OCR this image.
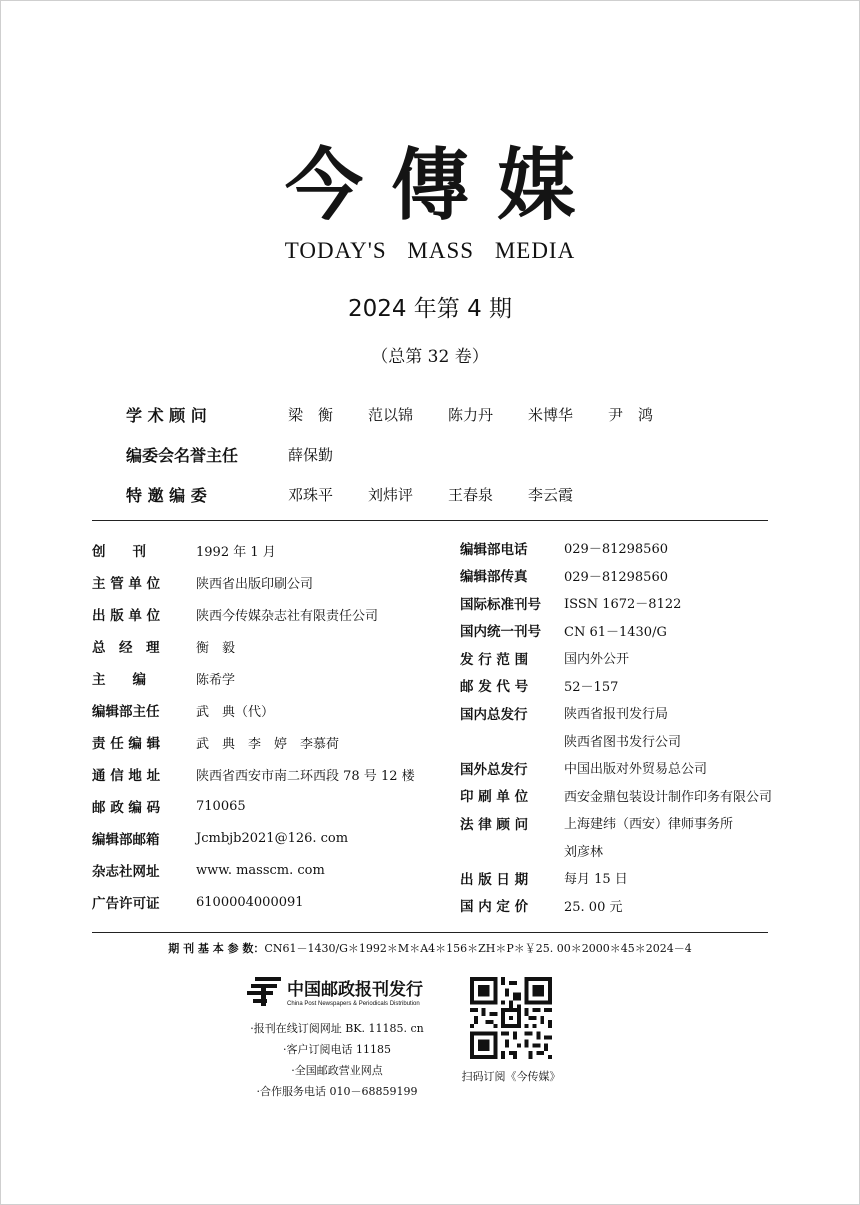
今傳媒
TODAY'S MASS MEDIA
2024 年第 4 期
（总第 32 卷）
学 术 顾 问	梁　衡	范以锦	陈力丹	米博华	尹　鸿
编委会名誉主任	薛保勤
特 邀 编 委	邓珠平	刘炜评	王春泉	李云霞
创　　刊	1992 年 1 月
主 管 单 位	陕西省出版印刷公司
出 版 单 位	陕西今传媒杂志社有限责任公司
总　经　理	衡　毅
主　　编	陈希学
编辑部主任	武　典（代）
责 任 编 辑	武　典　李　婷　李慕荷
通 信 地 址	陕西省西安市南二环西段 78 号 12 楼
邮 政 编 码	710065
编辑部邮箱	Jcmbjb2021@126. com
杂志社网址	www. masscm. com
广告许可证	6100004000091
编辑部电话	029－81298560
编辑部传真	029－81298560
国际标准刊号	ISSN 1672－8122
国内统一刊号	CN 61－1430/G
发 行 范 围	国内外公开
邮 发 代 号	52－157
国内总发行	陕西省报刊发行局
陕西省图书发行公司
国外总发行	中国出版对外贸易总公司
印 刷 单 位	西安金鼎包装设计制作印务有限公司
法 律 顾 问	上海建纬（西安）律师事务所
刘彦林
出 版 日 期	每月 15 日
国 内 定 价	25. 00 元
期 刊 基 本 参 数：CN61－1430/G＊1992＊M＊A4＊156＊ZH＊P＊￥25. 00＊2000＊45＊2024－4
中国邮政报刊发行
China Post Newspapers & Periodicals Distribution
·报刊在线订阅网址 BK. 11185. cn
·客户订阅电话 11185
·全国邮政营业网点
·合作服务电话 010－68859199
扫码订阅《今传媒》
